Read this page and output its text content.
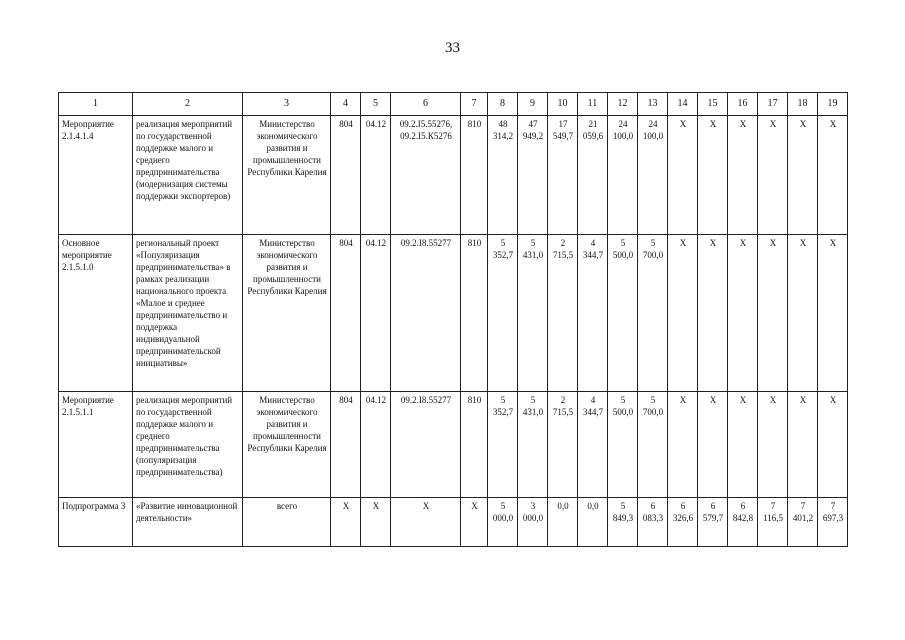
33
1	2	3	4	5	6	7	8	9	10	11	12	13	14	15	16	17	18	19
Мероприятие 2.1.4.1.4	реализация мероприятий по государственной поддержке малого и среднего предпринимательства (модернизация системы поддержки экспортеров)	Министерство экономического развития и промышленности Республики Карелия	804	04.12	09.2.I5.55276, 09.2.I5.К5276	810	48 314,2	47 949,2	17 549,7	21 059,6	24 100,0	24 100,0	Х	Х	Х	Х	Х	Х
Основное мероприятие 2.1.5.1.0	региональный проект «Популяризация предпринимательства» в рамках реализации национального проекта «Малое и среднее предпринимательство и поддержка индивидуальной предпринимательской инициативы»	Министерство экономического развития и промышленности Республики Карелия	804	04.12	09.2.I8.55277	810	5 352,7	5 431,0	2 715,5	4 344,7	5 500,0	5 700,0	Х	Х	Х	Х	Х	Х
Мероприятие 2.1.5.1.1	реализация мероприятий по государственной поддержке малого и среднего предпринимательства (популяризация предпринимательства)	Министерство экономического развития и промышленности Республики Карелия	804	04.12	09.2.I8.55277	810	5 352,7	5 431,0	2 715,5	4 344,7	5 500,0	5 700,0	Х	Х	Х	Х	Х	Х
Подпрограмма 3	«Развитие инновационной деятельности»	всего	Х	Х	Х	Х	5 000,0	3 000,0	0,0	0,0	5 849,3	6 083,3	6 326,6	6 579,7	6 842,8	7 116,5	7 401,2	7 697,3
